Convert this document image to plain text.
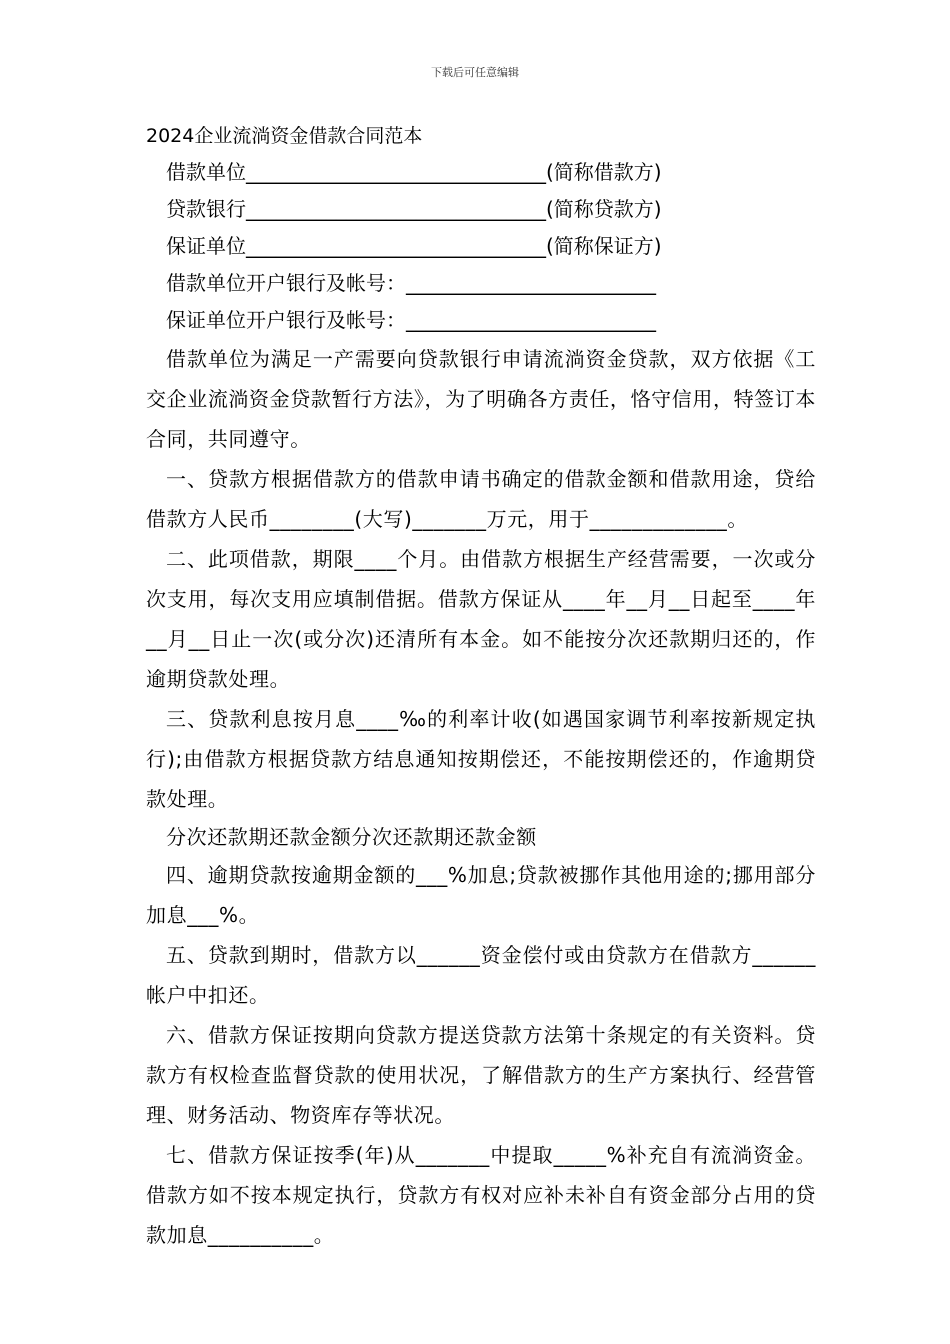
下载后可任意编辑

2024企业流淌资金借款合同范本

借款单位______________________________(简称借款方)

贷款银行______________________________(简称贷款方)

保证单位______________________________(简称保证方)

借款单位开户银行及帐号：_________________________

保证单位开户银行及帐号：_________________________

借款单位为满足一产需要向贷款银行申请流淌资金贷款，双方依据《工交企业流淌资金贷款暂行方法》，为了明确各方责任，恪守信用，特签订本合同，共同遵守。

一、贷款方根据借款方的借款申请书确定的借款金额和借款用途，贷给借款方人民币________(大写)_______万元，用于_____________。

二、此项借款，期限____个月。由借款方根据生产经营需要，一次或分次支用，每次支用应填制借据。借款方保证从____年__月__日起至____年__月__日止一次(或分次)还清所有本金。如不能按分次还款期归还的，作逾期贷款处理。

三、贷款利息按月息____‰的利率计收(如遇国家调节利率按新规定执行);由借款方根据贷款方结息通知按期偿还，不能按期偿还的，作逾期贷款处理。

分次还款期还款金额分次还款期还款金额

四、逾期贷款按逾期金额的___%加息;贷款被挪作其他用途的;挪用部分加息___%。

五、贷款到期时，借款方以______资金偿付或由贷款方在借款方______帐户中扣还。

六、借款方保证按期向贷款方提送贷款方法第十条规定的有关资料。贷款方有权检查监督贷款的使用状况，了解借款方的生产方案执行、经营管理、财务活动、物资库存等状况。

七、借款方保证按季(年)从_______中提取_____%补充自有流淌资金。借款方如不按本规定执行，贷款方有权对应补未补自有资金部分占用的贷款加息__________。
